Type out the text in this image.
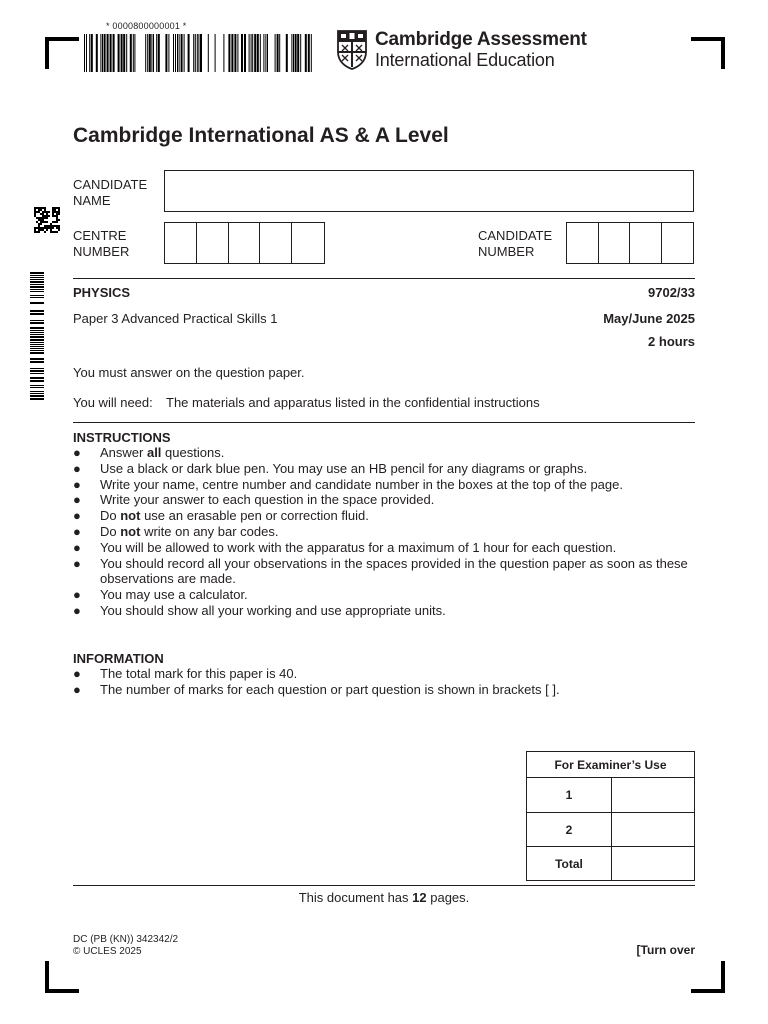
* 0000800000001 *
Cambridge Assessment
International Education
Cambridge International AS & A Level
CANDIDATE
NAME
CENTRE
NUMBER
CANDIDATE
NUMBER
PHYSICS	9702/33
Paper 3 Advanced Practical Skills 1	May/June 2025
2 hours
You must answer on the question paper.
You will need: The materials and apparatus listed in the confidential instructions
INSTRUCTIONS
● Answer all questions.
● Use a black or dark blue pen. You may use an HB pencil for any diagrams or graphs.
● Write your name, centre number and candidate number in the boxes at the top of the page.
● Write your answer to each question in the space provided.
● Do not use an erasable pen or correction fluid.
● Do not write on any bar codes.
● You will be allowed to work with the apparatus for a maximum of 1 hour for each question.
● You should record all your observations in the spaces provided in the question paper as soon as these
observations are made.
● You may use a calculator.
● You should show all your working and use appropriate units.
INFORMATION
● The total mark for this paper is 40.
● The number of marks for each question or part question is shown in brackets [ ].
For Examiner’s Use	
1	
2	
Total	
This document has 12 pages.
DC (PB (KN)) 342342/2
© UCLES 2025	[Turn over
